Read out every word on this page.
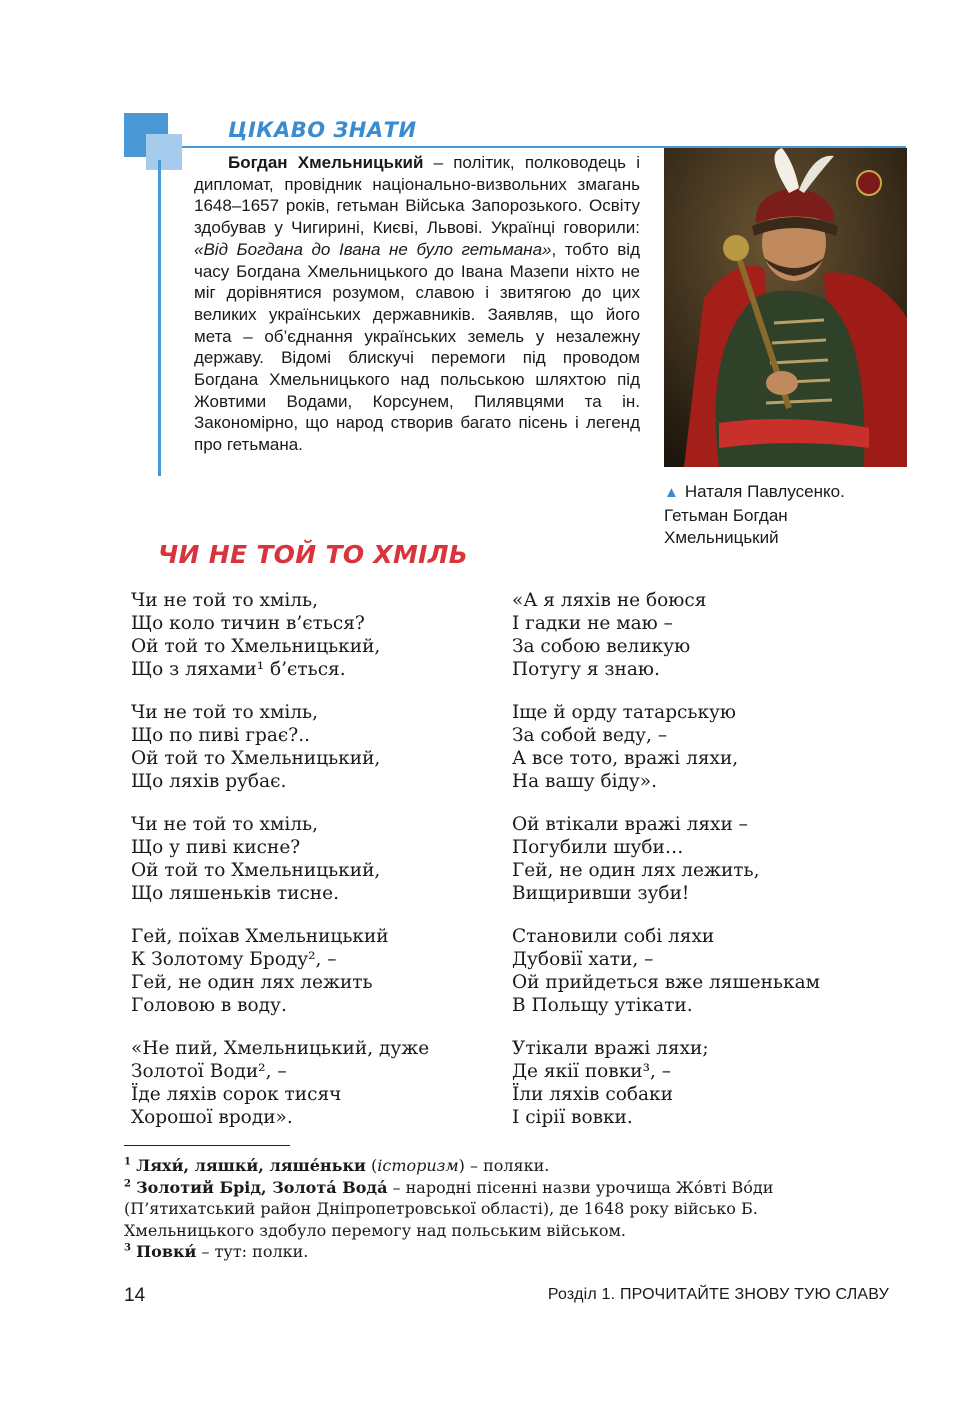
ЦІКАВО ЗНАТИ
Богдан Хмельницький – політик, полководець і дипломат, провідник національно-визвольних змагань 1648–1657 років, гетьман Війська Запорозького. Освіту здобував у Чигирині, Києві, Львові. Українці говорили: «Від Богдана до Івана не було гетьмана», тобто від часу Богдана Хмельницького до Івана Мазепи ніхто не міг дорівнятися розумом, славою і звитягою до цих великих українських державників. Заявляв, що його мета – об’єднання українських земель у незалежну державу. Відомі блискучі перемоги під проводом Богдана Хмельницького над польською шляхтою під Жовтими Водами, Корсунем, Пилявцями та ін. Закономірно, що народ створив багато пісень і легенд про гетьмана.
▲ Наталя Павлусенко.
Гетьман Богдан
Хмельницький
ЧИ НЕ ТОЙ ТО ХМІЛЬ
Чи не той то хміль,
Що коло тичин в’ється?
Ой той то Хмельницький,
Що з ляхами¹ б’ється.
Чи не той то хміль,
Що по пиві грає?..
Ой той то Хмельницький,
Що ляхів рубає.
Чи не той то хміль,
Що у пиві кисне?
Ой той то Хмельницький,
Що ляшеньків тисне.
Гей, поїхав Хмельницький
К Золотому Броду², –
Гей, не один лях лежить
Головою в воду.
«Не пий, Хмельницький, дуже
Золотої Води², –
Їде ляхів сорок тисяч
Хорошої вроди».
«А я ляхів не боюся
І гадки не маю –
За собою великую
Потугу я знаю.
Іще й орду татарськую
За собой веду, –
А все тото, вражі ляхи,
На вашу біду».
Ой втікали вражі ляхи –
Погубили шуби…
Гей, не один лях лежить,
Вищиривши зуби!
Становили собі ляхи
Дубовії хати, –
Ой прийдеться вже ляшенькам
В Польщу утікати.
Утікали вражі ляхи;
Де якії повки³, –
Їли ляхів собаки
І сірії вовки.
$^1$ Ляхи́, ляшки́, ляше́ньки (історизм) – поляки.
$^2$ Золотий Брід, Золота́ Вода́ – народні пісенні назви урочища Жо́вті Во́ди (П’ятихатський район Дніпропетровської області), де 1648 року військо Б. Хмельницького здобуло перемогу над польським військом.
$^3$ Повки́ – тут: полки.
14	Розділ 1. ПРОЧИТАЙТЕ ЗНОВУ ТУЮ СЛАВУ
